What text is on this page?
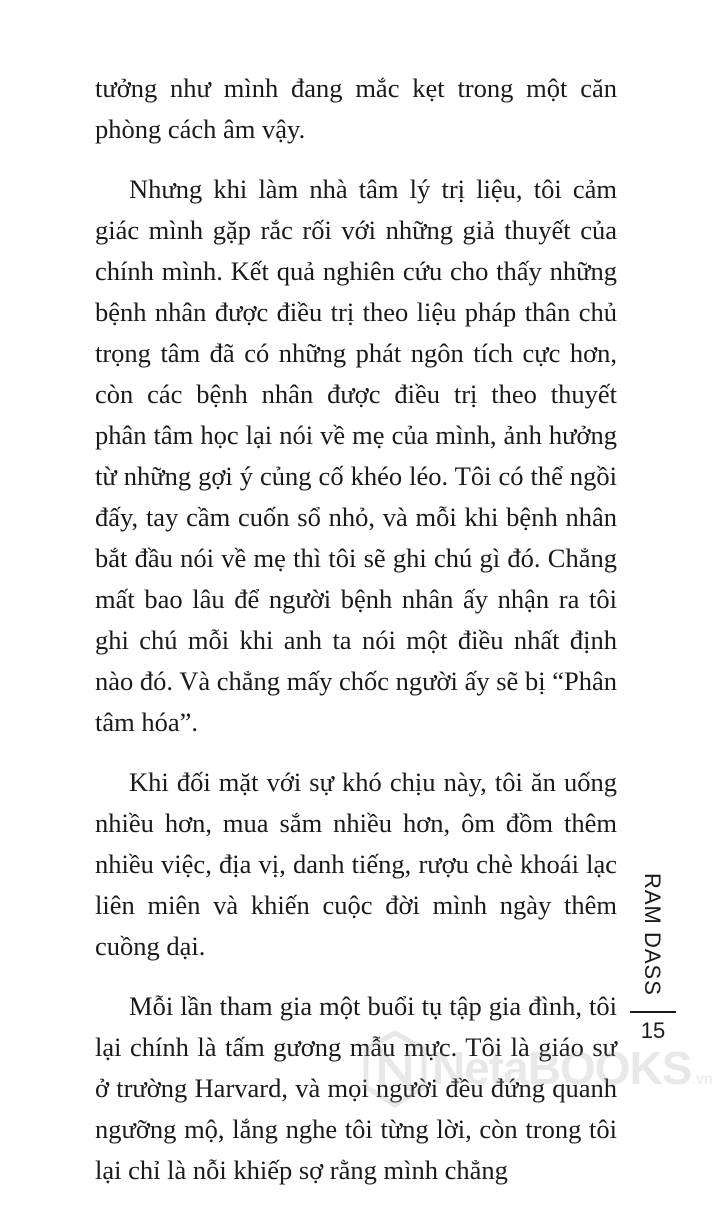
tưởng như mình đang mắc kẹt trong một căn phòng cách âm vậy.

Nhưng khi làm nhà tâm lý trị liệu, tôi cảm giác mình gặp rắc rối với những giả thuyết của chính mình. Kết quả nghiên cứu cho thấy những bệnh nhân được điều trị theo liệu pháp thân chủ trọng tâm đã có những phát ngôn tích cực hơn, còn các bệnh nhân được điều trị theo thuyết phân tâm học lại nói về mẹ của mình, ảnh hưởng từ những gợi ý củng cố khéo léo. Tôi có thể ngồi đấy, tay cầm cuốn sổ nhỏ, và mỗi khi bệnh nhân bắt đầu nói về mẹ thì tôi sẽ ghi chú gì đó. Chẳng mất bao lâu để người bệnh nhân ấy nhận ra tôi ghi chú mỗi khi anh ta nói một điều nhất định nào đó. Và chẳng mấy chốc người ấy sẽ bị “Phân tâm hóa”.

Khi đối mặt với sự khó chịu này, tôi ăn uống nhiều hơn, mua sắm nhiều hơn, ôm đồm thêm nhiều việc, địa vị, danh tiếng, rượu chè khoái lạc liên miên và khiến cuộc đời mình ngày thêm cuồng dại.

Mỗi lần tham gia một buổi tụ tập gia đình, tôi lại chính là tấm gương mẫu mực. Tôi là giáo sư ở trường Harvard, và mọi người đều đứng quanh ngưỡng mộ, lắng nghe tôi từng lời, còn trong tôi lại chỉ là nỗi khiếp sợ rằng mình chẳng

RAM DASS
15
NetaBOOKS.vn
